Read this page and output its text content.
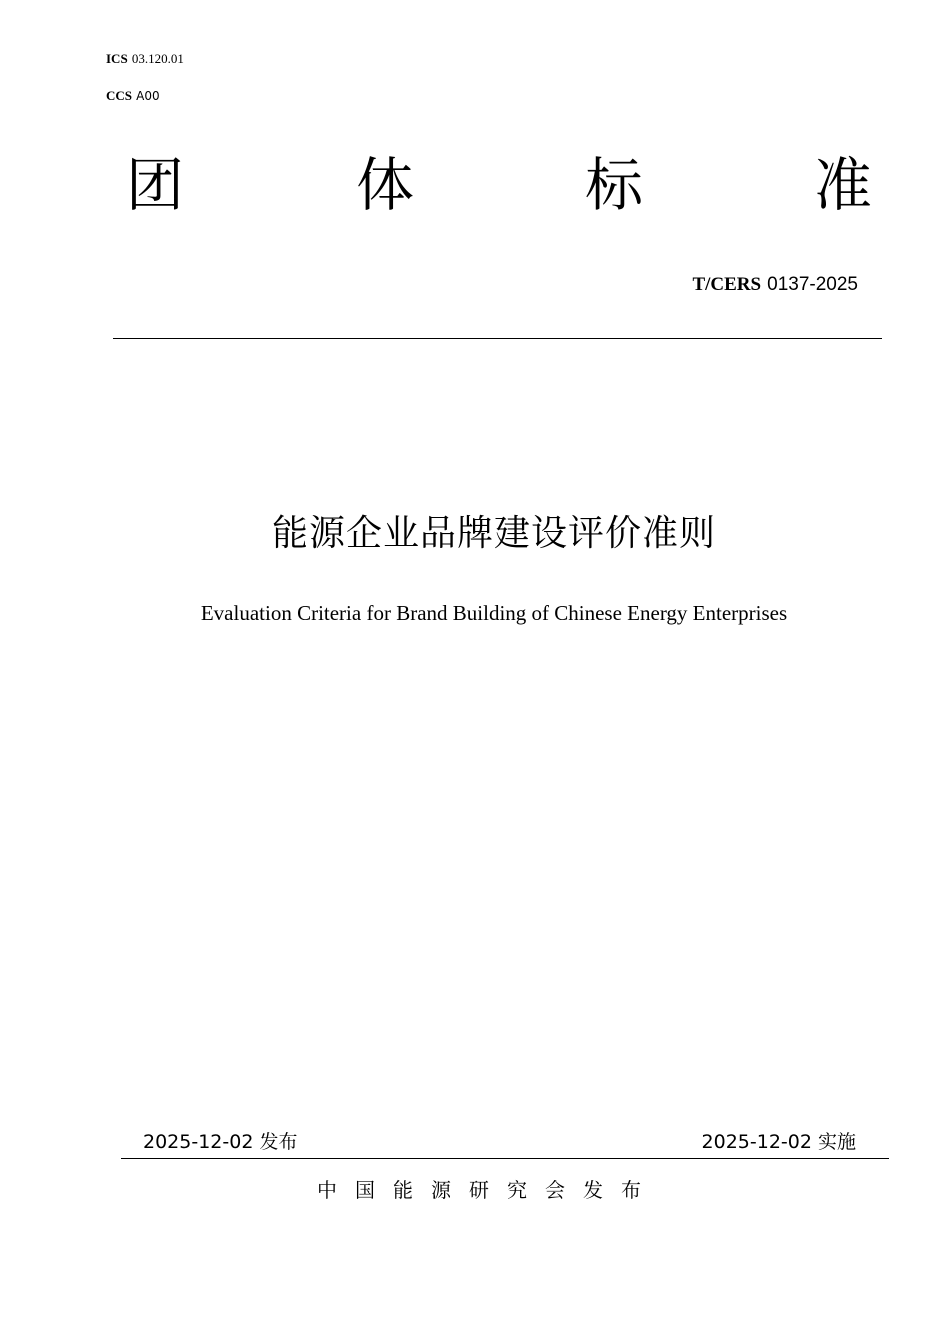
ICS 03.120.01
CCS A00
团	体	标	准
T/CERS 0137-2025
能源企业品牌建设评价准则
Evaluation Criteria for Brand Building of Chinese Energy Enterprises
2025-12-02 发布	2025-12-02 实施
中国能源研究会发布
